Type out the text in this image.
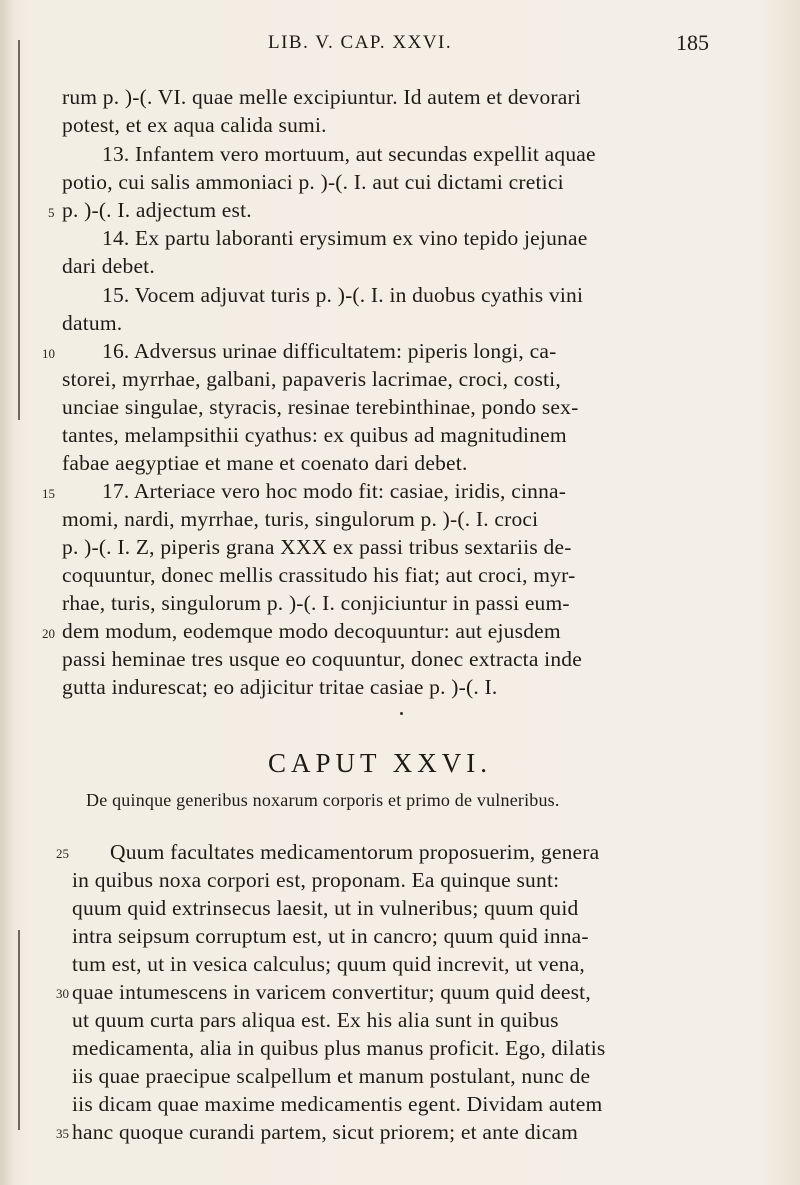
LIB. V. CAP. XXVI.	185
rum p. )-(. VI. quae melle excipiuntur. Id autem et devorari
potest, et ex aqua calida sumi.
13. Infantem vero mortuum, aut secundas expellit aquae
potio, cui salis ammoniaci p. )-(. I. aut cui dictami cretici
p. )-(. I. adjectum est.
14. Ex partu laboranti erysimum ex vino tepido jejunae
dari debet.
15. Vocem adjuvat turis p. )-(. I. in duobus cyathis vini
datum.
16. Adversus urinae difficultatem: piperis longi, ca-
storei, myrrhae, galbani, papaveris lacrimae, croci, costi,
unciae singulae, styracis, resinae terebinthinae, pondo sex-
tantes, melampsithii cyathus: ex quibus ad magnitudinem
fabae aegyptiae et mane et coenato dari debet.
17. Arteriace vero hoc modo fit: casiae, iridis, cinna-
momi, nardi, myrrhae, turis, singulorum p. )-(. I. croci
p. )-(. I. Z, piperis grana XXX ex passi tribus sextariis de-
coquuntur, donec mellis crassitudo his fiat; aut croci, myr-
rhae, turis, singulorum p. )-(. I. conjiciuntur in passi eum-
dem modum, eodemque modo decoquuntur: aut ejusdem
passi heminae tres usque eo coquuntur, donec extracta inde
gutta indurescat; eo adjicitur tritae casiae p. )-(. I.
5
10
15
20
CAPUT XXVI.
De quinque generibus noxarum corporis et primo de vulneribus.
Quum facultates medicamentorum proposuerim, genera
in quibus noxa corpori est, proponam. Ea quinque sunt:
quum quid extrinsecus laesit, ut in vulneribus; quum quid
intra seipsum corruptum est, ut in cancro; quum quid inna-
tum est, ut in vesica calculus; quum quid increvit, ut vena,
quae intumescens in varicem convertitur; quum quid deest,
ut quum curta pars aliqua est. Ex his alia sunt in quibus
medicamenta, alia in quibus plus manus proficit. Ego, dilatis
iis quae praecipue scalpellum et manum postulant, nunc de
iis dicam quae maxime medicamentis egent. Dividam autem
hanc quoque curandi partem, sicut priorem; et ante dicam
25
30
35
